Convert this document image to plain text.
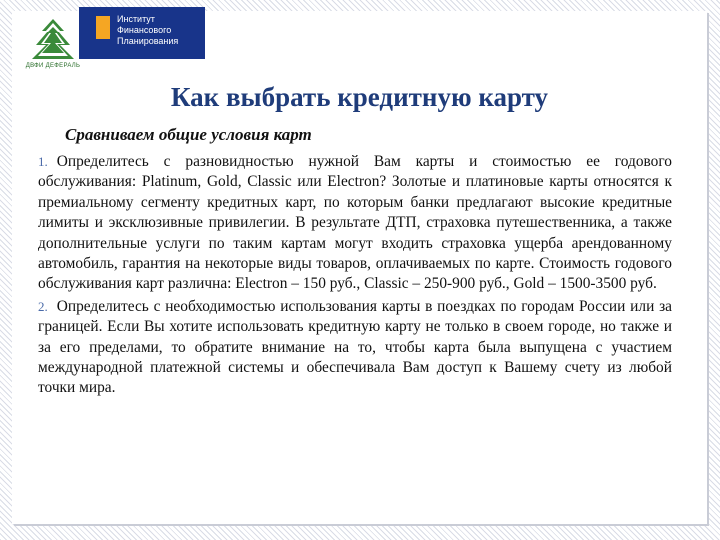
ДВФИ ДЕФЕРАЛЬ
Институт
Финансового
Планирования
Как выбрать кредитную карту
Сравниваем общие условия карт
1. Определитесь с разновидностью нужной Вам карты и стоимостью ее годового обслуживания: Platinum, Gold, Classic или Electron? Золотые и платиновые карты относятся к премиальному сегменту кредитных карт, по которым банки предлагают высокие кредитные лимиты и эксклюзивные привилегии. В результате ДТП, страховка путешественника, а также дополнительные услуги по таким картам могут входить страховка ущерба арендованному автомобиль, гарантия на некоторые виды товаров, оплачиваемых по карте. Стоимость годового обслуживания карт различна: Electron – 150 руб., Classic – 250-900 руб., Gold – 1500-3500 руб.
2. Определитесь с необходимостью использования карты в поездках по городам России или за границей. Если Вы хотите использовать кредитную карту не только в своем городе, но также и за его пределами, то обратите внимание на то, чтобы карта была выпущена с участием международной платежной системы и обеспечивала Вам доступ к Вашему счету из любой точки мира.
